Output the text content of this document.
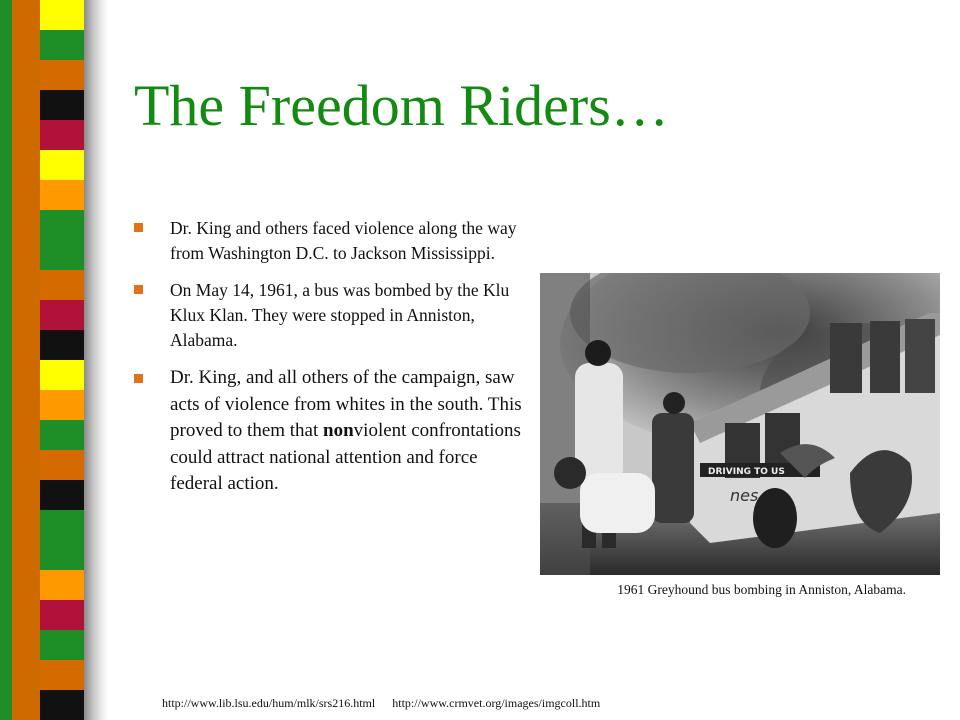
The Freedom Riders…
Dr. King and others faced violence along the way from Washington D.C. to Jackson Mississippi.
On May 14, 1961, a bus was bombed by the Klu Klux Klan. They were stopped in Anniston, Alabama.
Dr. King, and all others of the campaign, saw acts of violence from whites in the south. This proved to them that nonviolent confrontations could attract national attention and force federal action.
DRIVING TO US
nes
1961 Greyhound bus bombing in Anniston, Alabama.
http://www.lib.lsu.edu/hum/mlk/srs216.html http://www.crmvet.org/images/imgcoll.htm
